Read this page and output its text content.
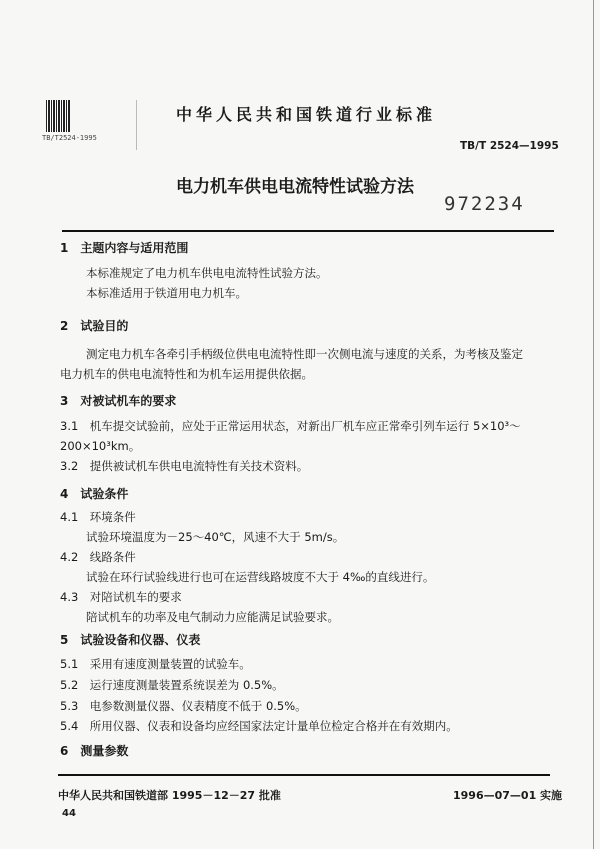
TB/T2524-1995
中华人民共和国铁道行业标准
TB/T 2524—1995
电力机车供电电流特性试验方法
972234
1　主题内容与适用范围
本标准规定了电力机车供电电流特性试验方法。
本标准适用于铁道用电力机车。
2　试验目的
测定电力机车各牵引手柄级位供电电流特性即一次侧电流与速度的关系，为考核及鉴定
电力机车的供电电流特性和为机车运用提供依据。
3　对被试机车的要求
3.1　机车提交试验前，应处于正常运用状态，对新出厂机车应正常牵引列车运行 5×10³～
200×10³km。
3.2　提供被试机车供电电流特性有关技术资料。
4　试验条件
4.1　环境条件
试验环境温度为－25～40℃，风速不大于 5m/s。
4.2　线路条件
试验在环行试验线进行也可在运营线路坡度不大于 4‰的直线进行。
4.3　对陪试机车的要求
陪试机车的功率及电气制动力应能满足试验要求。
5　试验设备和仪器、仪表
5.1　采用有速度测量装置的试验车。
5.2　运行速度测量装置系统误差为 0.5%。
5.3　电参数测量仪器、仪表精度不低于 0.5%。
5.4　所用仪器、仪表和设备均应经国家法定计量单位检定合格并在有效期内。
6　测量参数
中华人民共和国铁道部 1995－12－27 批准	1996—07—01 实施
44
